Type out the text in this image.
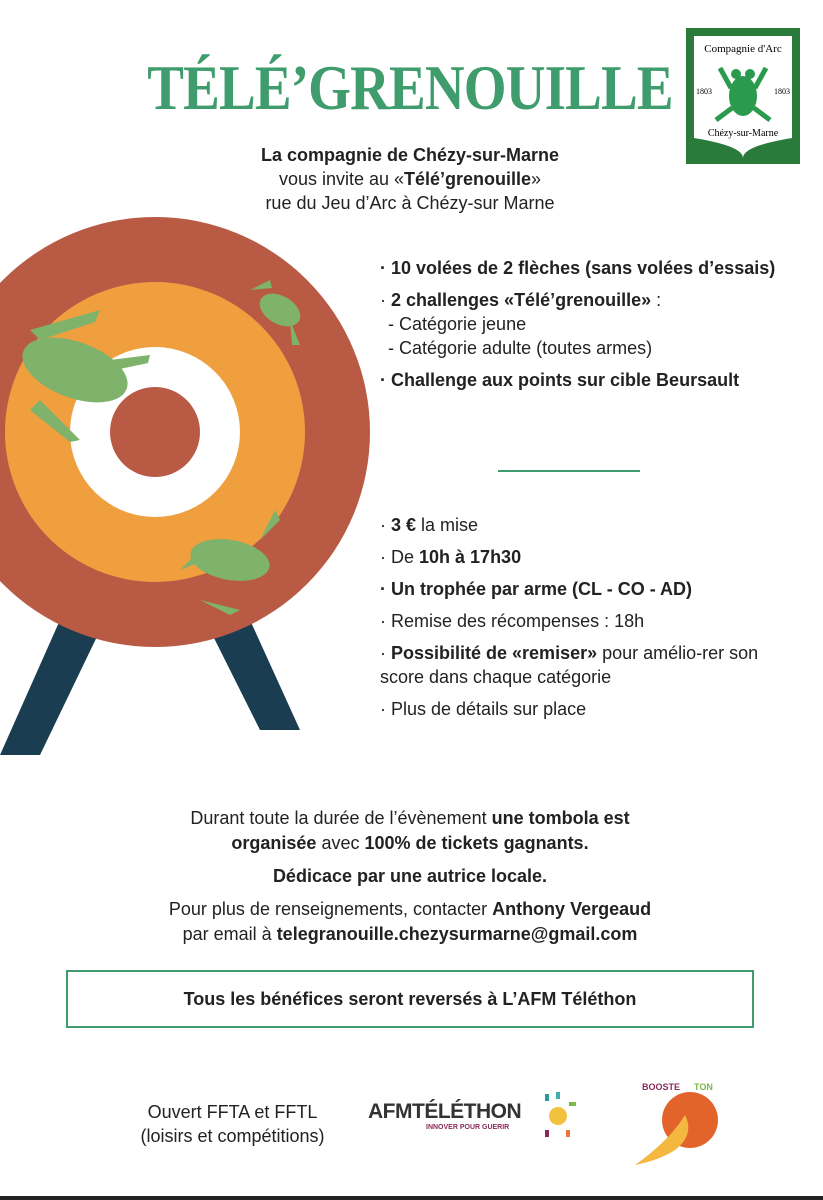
TÉLÉ’GRENOUILLE
Compagnie d'Arc
1803	1803
Chézy-sur-Marne
La compagnie de Chézy-sur-Marne
vous invite au «Télé’grenouille»
rue du Jeu d’Arc à Chézy-sur Marne
· 10 volées de 2 flèches (sans volées d’essais)
· 2 challenges «Télé’grenouille» :
- Catégorie jeune
- Catégorie adulte (toutes armes)
· Challenge aux points sur cible Beursault
· 3 € la mise
· De 10h à 17h30
· Un trophée par arme (CL - CO - AD)
· Remise des récompenses : 18h
· Possibilité de «remiser» pour amélio-rer son score dans chaque catégorie
· Plus de détails sur place
Durant toute la durée de l’évènement une tombola est organisée avec 100% de tickets gagnants.
Dédicace par une autrice locale.
Pour plus de renseignements, contacter Anthony Vergeaud
par email à telegranouille.chezysurmarne@gmail.com
Tous les bénéfices seront reversés à L’AFM Téléthon
Ouvert FFTA et FFTL
(loisirs et compétitions)
AFMTÉLÉTHON
INNOVER POUR GUERIR
BOOSTE TON
